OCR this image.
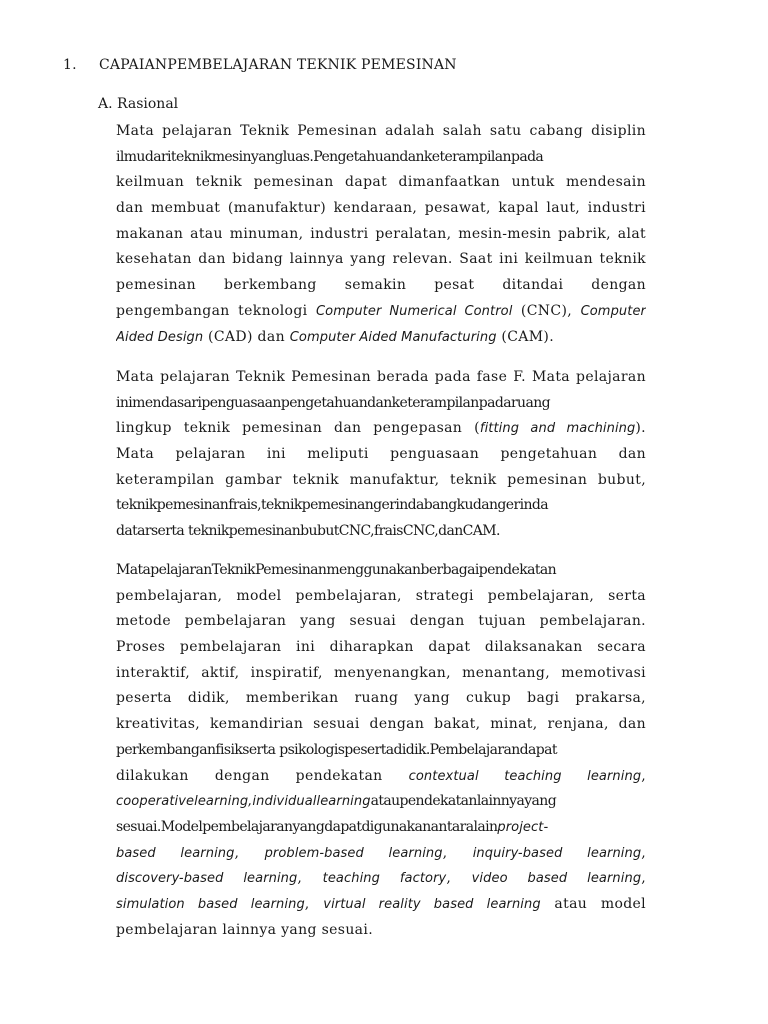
1. CAPAIANPEMBELAJARAN TEKNIK PEMESINAN
A. Rasional
Mata pelajaran Teknik Pemesinan adalah salah satu cabang disiplin
ilmudariteknikmesinyangluas.Pengetahuandanketerampilanpada
keilmuan teknik pemesinan dapat dimanfaatkan untuk mendesain
dan membuat (manufaktur) kendaraan, pesawat, kapal laut, industri
makanan atau minuman, industri peralatan, mesin-mesin pabrik, alat
kesehatan dan bidang lainnya yang relevan. Saat ini keilmuan teknik
pemesinan berkembang semakin pesat ditandai dengan
pengembangan teknologi Computer Numerical Control (CNC), Computer
Aided Design (CAD) dan Computer Aided Manufacturing (CAM).
Mata pelajaran Teknik Pemesinan berada pada fase F. Mata pelajaran
inimendasaripenguasaanpengetahuandanketerampilanpadaruang
lingkup teknik pemesinan dan pengepasan (fitting and machining).
Mata pelajaran ini meliputi penguasaan pengetahuan dan
keterampilan gambar teknik manufaktur, teknik pemesinan bubut,
teknikpemesinanfrais,teknikpemesinangerindabangkudangerinda
datarserta teknikpemesinanbubutCNC,fraisCNC,danCAM.
MatapelajaranTeknikPemesinanmenggunakanberbagaipendekatan
pembelajaran, model pembelajaran, strategi pembelajaran, serta
metode pembelajaran yang sesuai dengan tujuan pembelajaran.
Proses pembelajaran ini diharapkan dapat dilaksanakan secara
interaktif, aktif, inspiratif, menyenangkan, menantang, memotivasi
peserta didik, memberikan ruang yang cukup bagi prakarsa,
kreativitas, kemandirian sesuai dengan bakat, minat, renjana, dan
perkembanganfisikserta psikologispesertadidik.Pembelajarandapat
dilakukan dengan pendekatan contextual teaching learning,
cooperativelearning,individuallearningataupendekatanlainnyayang
sesuai.Modelpembelajaranyangdapatdigunakanantaralainproject-
based learning, problem-based learning, inquiry-based learning,
discovery-based learning, teaching factory, video based learning,
simulation based learning, virtual reality based learning atau model
pembelajaran lainnya yang sesuai.
